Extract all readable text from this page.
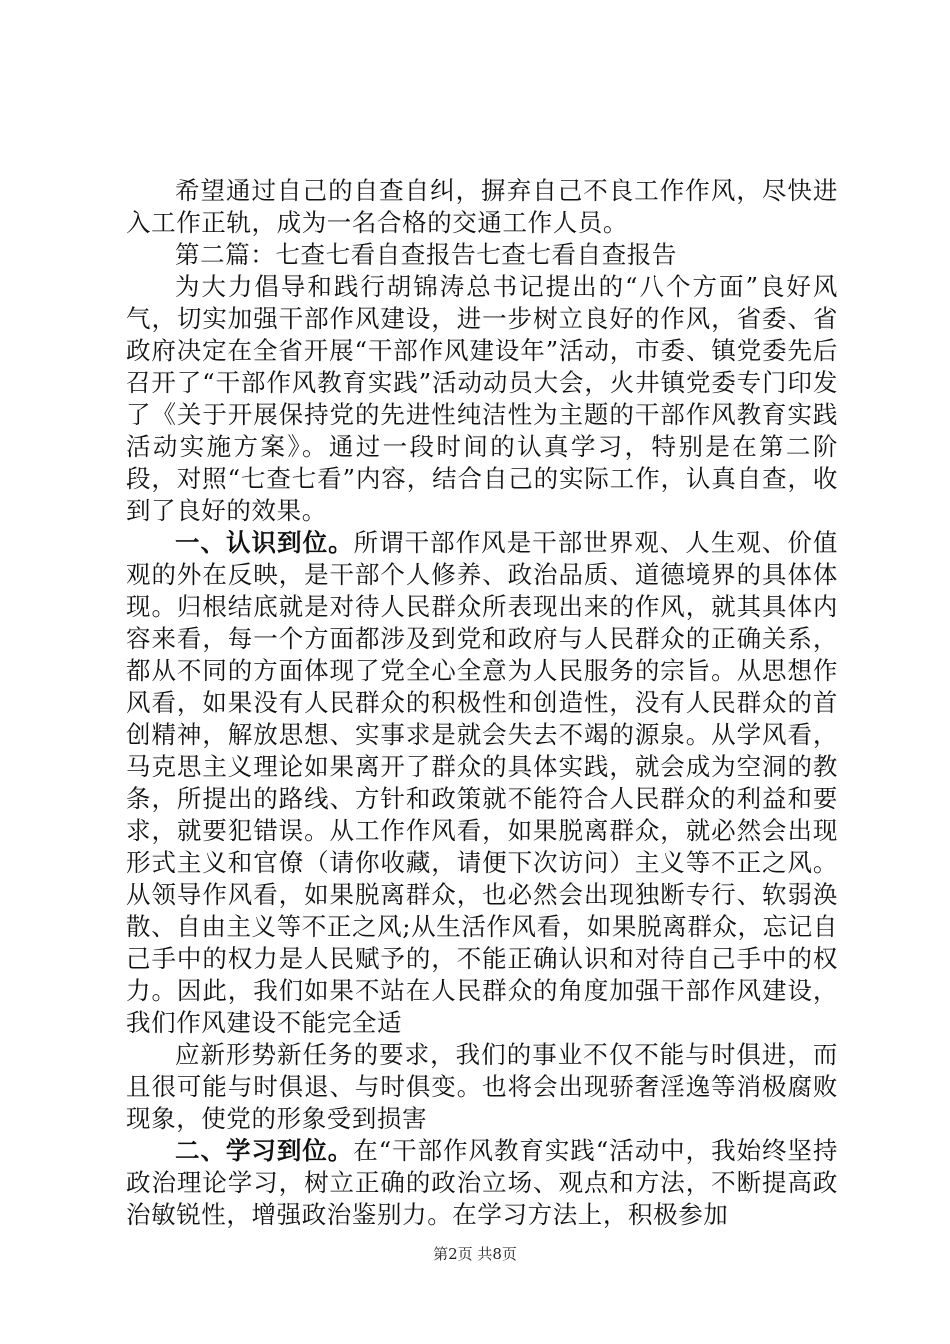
希望通过自己的自查自纠，摒弃自己不良工作作风，尽快进入工作正轨，成为一名合格的交通工作人员。

第二篇：七查七看自查报告七查七看自查报告

为大力倡导和践行胡锦涛总书记提出的“八个方面”良好风气，切实加强干部作风建设，进一步树立良好的作风，省委、省政府决定在全省开展“干部作风建设年”活动，市委、镇党委先后召开了“干部作风教育实践”活动动员大会，火井镇党委专门印发了《关于开展保持党的先进性纯洁性为主题的干部作风教育实践活动实施方案》。通过一段时间的认真学习，特别是在第二阶段，对照“七查七看”内容，结合自己的实际工作，认真自查，收到了良好的效果。

一、认识到位。所谓干部作风是干部世界观、人生观、价值观的外在反映，是干部个人修养、政治品质、道德境界的具体体现。归根结底就是对待人民群众所表现出来的作风，就其具体内容来看，每一个方面都涉及到党和政府与人民群众的正确关系，都从不同的方面体现了党全心全意为人民服务的宗旨。从思想作风看，如果没有人民群众的积极性和创造性，没有人民群众的首创精神，解放思想、实事求是就会失去不竭的源泉。从学风看，马克思主义理论如果离开了群众的具体实践，就会成为空洞的教条，所提出的路线、方针和政策就不能符合人民群众的利益和要求，就要犯错误。从工作作风看，如果脱离群众，就必然会出现形式主义和官僚（请你收藏，请便下次访问）主义等不正之风。从领导作风看，如果脱离群众，也必然会出现独断专行、软弱涣散、自由主义等不正之风;从生活作风看，如果脱离群众，忘记自己手中的权力是人民赋予的，不能正确认识和对待自己手中的权力。因此，我们如果不站在人民群众的角度加强干部作风建设，我们作风建设不能完全适

应新形势新任务的要求，我们的事业不仅不能与时俱进，而且很可能与时俱退、与时俱变。也将会出现骄奢淫逸等消极腐败现象，使党的形象受到损害

二、学习到位。在“干部作风教育实践“活动中，我始终坚持政治理论学习，树立正确的政治立场、观点和方法，不断提高政治敏锐性，增强政治鉴别力。在学习方法上，积极参加

第2页 共8页
